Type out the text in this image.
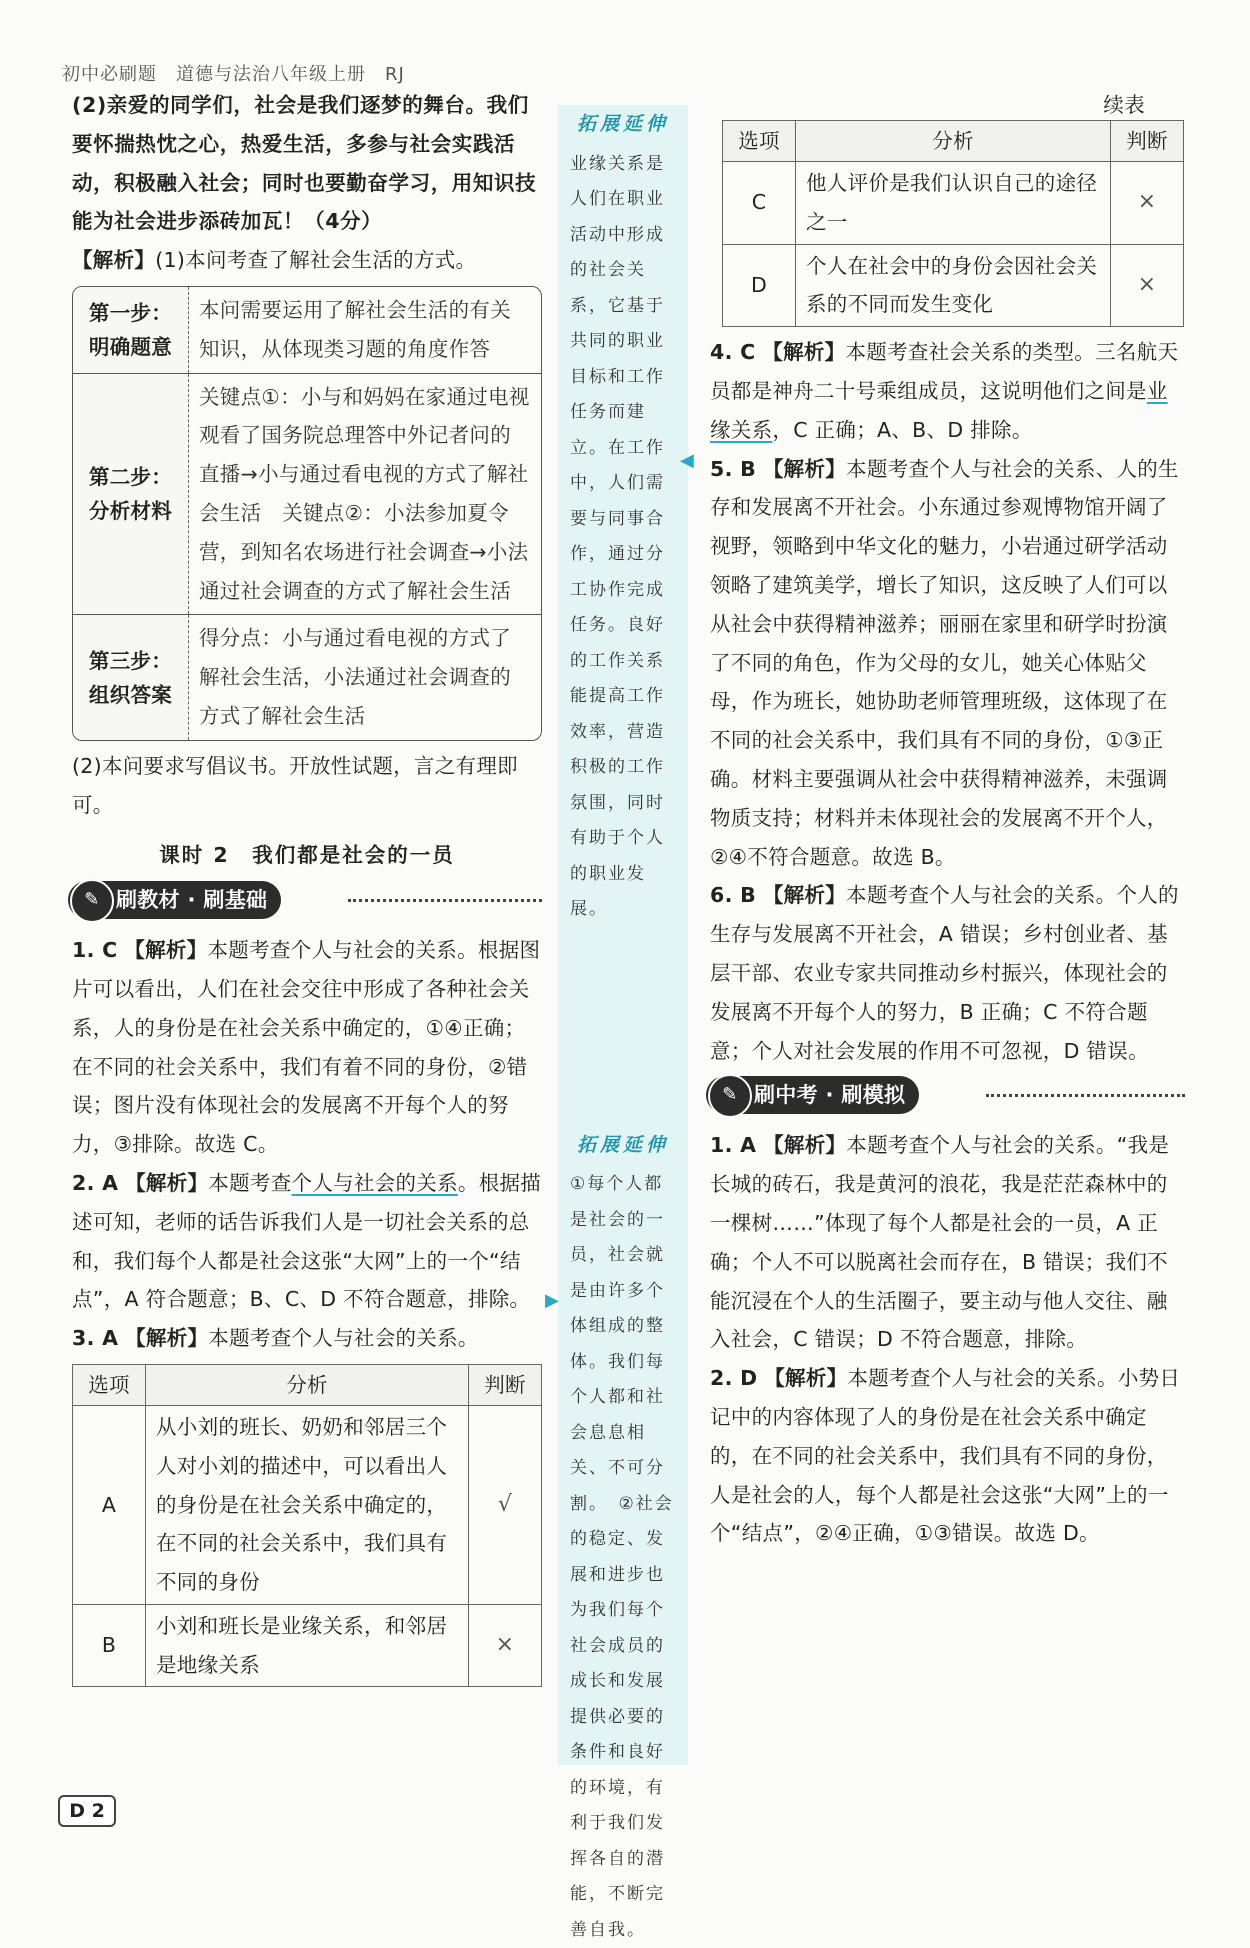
初中必刷题　道德与法治八年级上册　RJ

(2)亲爱的同学们，社会是我们逐梦的舞台。我们要怀揣热忱之心，热爱生活，多参与社会实践活动，积极融入社会；同时也要勤奋学习，用知识技能为社会进步添砖加瓦！（4分）

【解析】(1)本问考查了解社会生活的方式。

第一步：明确题意	本问需要运用了解社会生活的有关知识，从体现类习题的角度作答
第二步：分析材料	关键点①：小与和妈妈在家通过电视观看了国务院总理答中外记者问的直播→小与通过看电视的方式了解社会生活　关键点②：小法参加夏令营，到知名农场进行社会调查→小法通过社会调查的方式了解社会生活
第三步：组织答案	得分点：小与通过看电视的方式了解社会生活，小法通过社会调查的方式了解社会生活

(2)本问要求写倡议书。开放性试题，言之有理即可。

课时 2　我们都是社会的一员
✎ 刷教材 · 刷基础

1. C 【解析】本题考查个人与社会的关系。根据图片可以看出，人们在社会交往中形成了各种社会关系，人的身份是在社会关系中确定的，①④正确；在不同的社会关系中，我们有着不同的身份，②错误；图片没有体现社会的发展离不开每个人的努力，③排除。故选 C。

2. A 【解析】本题考查个人与社会的关系。根据描述可知，老师的话告诉我们人是一切社会关系的总和，我们每个人都是社会这张“大网”上的一个“结点”，A 符合题意；B、C、D 不符合题意，排除。

3. A 【解析】本题考查个人与社会的关系。

选项	分析	判断
A	从小刘的班长、奶奶和邻居三个人对小刘的描述中，可以看出人的身份是在社会关系中确定的，在不同的社会关系中，我们具有不同的身份	√
B	小刘和班长是业缘关系，和邻居是地缘关系	×
拓展延伸
业缘关系是人们在职业活动中形成的社会关系，它基于共同的职业目标和工作任务而建立。在工作中，人们需要与同事合作，通过分工协作完成任务。良好的工作关系能提高工作效率，营造积极的工作氛围，同时有助于个人的职业发展。
拓展延伸
①每个人都是社会的一员，社会就是由许多个体组成的整体。我们每个人都和社会息息相关、不可分割。　②社会的稳定、发展和进步也为我们每个社会成员的成长和发展提供必要的条件和良好的环境，有利于我们发挥各自的潜能，不断完善自我。
◀
▶
续表
选项	分析	判断
C	他人评价是我们认识自己的途径之一	×
D	个人在社会中的身份会因社会关系的不同而发生变化	×

4. C 【解析】本题考查社会关系的类型。三名航天员都是神舟二十号乘组成员，这说明他们之间是业缘关系，C 正确；A、B、D 排除。

5. B 【解析】本题考查个人与社会的关系、人的生存和发展离不开社会。小东通过参观博物馆开阔了视野，领略到中华文化的魅力，小岩通过研学活动领略了建筑美学，增长了知识，这反映了人们可以从社会中获得精神滋养；丽丽在家里和研学时扮演了不同的角色，作为父母的女儿，她关心体贴父母，作为班长，她协助老师管理班级，这体现了在不同的社会关系中，我们具有不同的身份，①③正确。材料主要强调从社会中获得精神滋养，未强调物质支持；材料并未体现社会的发展离不开个人，②④不符合题意。故选 B。

6. B 【解析】本题考查个人与社会的关系。个人的生存与发展离不开社会，A 错误；乡村创业者、基层干部、农业专家共同推动乡村振兴，体现社会的发展离不开每个人的努力，B 正确；C 不符合题意；个人对社会发展的作用不可忽视，D 错误。

✎ 刷中考 · 刷模拟

1. A 【解析】本题考查个人与社会的关系。“我是长城的砖石，我是黄河的浪花，我是茫茫森林中的一棵树……”体现了每个人都是社会的一员，A 正确；个人不可以脱离社会而存在，B 错误；我们不能沉浸在个人的生活圈子，要主动与他人交往、融入社会，C 错误；D 不符合题意，排除。

2. D 【解析】本题考查个人与社会的关系。小势日记中的内容体现了人的身份是在社会关系中确定的，在不同的社会关系中，我们具有不同的身份，人是社会的人，每个人都是社会这张“大网”上的一个“结点”，②④正确，①③错误。故选 D。

D 2
